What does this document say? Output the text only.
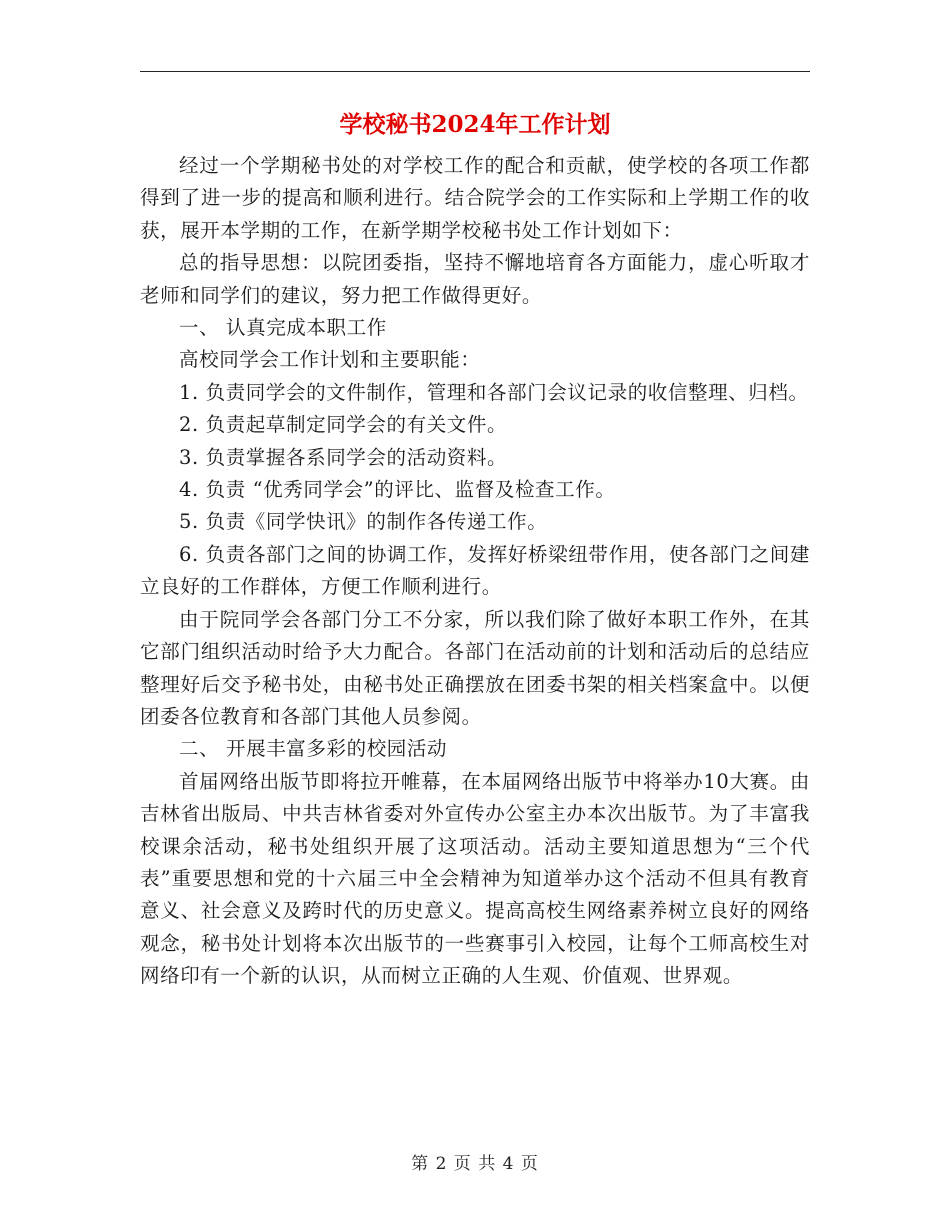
学校秘书2024年工作计划

经过一个学期秘书处的对学校工作的配合和贡献，使学校的各项工作都得到了进一步的提高和顺利进行。结合院学会的工作实际和上学期工作的收获，展开本学期的工作，在新学期学校秘书处工作计划如下：

总的指导思想：以院团委指，坚持不懈地培育各方面能力，虚心听取才老师和同学们的建议，努力把工作做得更好。

一、 认真完成本职工作

高校同学会工作计划和主要职能：

1. 负责同学会的文件制作，管理和各部门会议记录的收信整理、归档。

2. 负责起草制定同学会的有关文件。

3. 负责掌握各系同学会的活动资料。

4. 负责 “优秀同学会”的评比、监督及检查工作。

5. 负责《同学快讯》的制作各传递工作。

6. 负责各部门之间的协调工作，发挥好桥梁纽带作用，使各部门之间建立良好的工作群体，方便工作顺利进行。

由于院同学会各部门分工不分家，所以我们除了做好本职工作外，在其它部门组织活动时给予大力配合。各部门在活动前的计划和活动后的总结应整理好后交予秘书处，由秘书处正确摆放在团委书架的相关档案盒中。以便团委各位教育和各部门其他人员参阅。

二、 开展丰富多彩的校园活动

首届网络出版节即将拉开帷幕，在本届网络出版节中将举办10大赛。由吉林省出版局、中共吉林省委对外宣传办公室主办本次出版节。为了丰富我校课余活动，秘书处组织开展了这项活动。活动主要知道思想为“三个代表”重要思想和党的十六届三中全会精神为知道举办这个活动不但具有教育意义、社会意义及跨时代的历史意义。提高高校生网络素养树立良好的网络观念，秘书处计划将本次出版节的一些赛事引入校园，让每个工师高校生对网络印有一个新的认识，从而树立正确的人生观、价值观、世界观。

第 2 页 共 4 页
